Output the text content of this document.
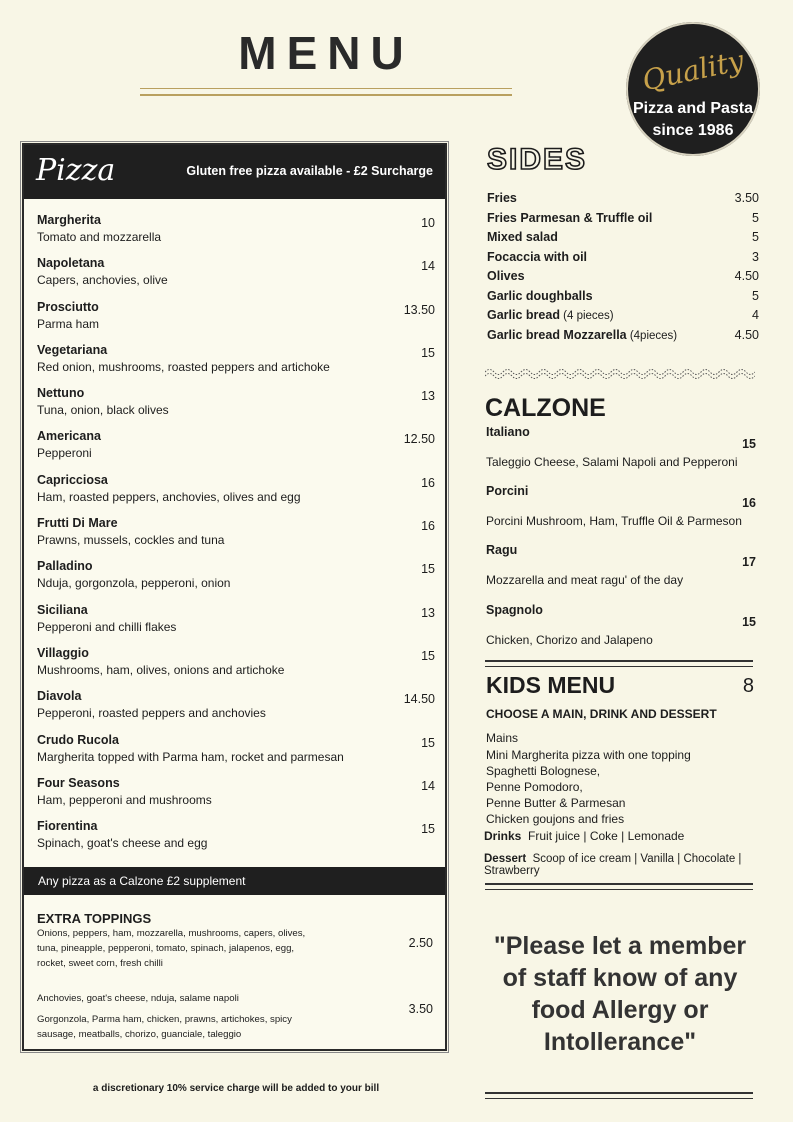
MENU	Quality
Pizza and Pasta
since 1986
Pizza	Gluten free pizza available - £2 Surcharge
Margherita
Tomato and mozzarella
10
Napoletana
Capers, anchovies, olive
14
Prosciutto
Parma ham
13.50
Vegetariana
Red onion, mushrooms, roasted peppers and artichoke
15
Nettuno
Tuna, onion, black olives
13
Americana
Pepperoni
12.50
Capricciosa
Ham, roasted peppers, anchovies, olives and egg
16
Frutti Di Mare
Prawns, mussels, cockles and tuna
16
Palladino
Nduja, gorgonzola, pepperoni, onion
15
Siciliana
Pepperoni and chilli flakes
13
Villaggio
Mushrooms, ham, olives, onions and artichoke
15
Diavola
Pepperoni, roasted peppers and anchovies
14.50
Crudo Rucola
Margherita topped with Parma ham, rocket and parmesan
15
Four Seasons
Ham, pepperoni and mushrooms
14
Fiorentina
Spinach, goat's cheese and egg
15
Any pizza as a Calzone £2 supplement
EXTRA TOPPINGS
Onions, peppers, ham, mozzarella, mushrooms, capers, olives, tuna, pineapple, pepperoni, tomato, spinach, jalapenos, egg, rocket, sweet corn, fresh chilli
2.50
Anchovies, goat's cheese, nduja, salame napoli
Gorgonzola, Parma ham, chicken, prawns, artichokes, spicy sausage, meatballs, chorizo, guanciale, taleggio
3.50
a discretionary 10% service charge will be added to your bill
SIDES
Fries	3.50
Fries Parmesan & Truffle oil	5
Mixed salad	5
Focaccia with oil	3
Olives	4.50
Garlic doughballs	5
Garlic bread (4 pieces)	4
Garlic bread Mozzarella (4pieces)	4.50
CALZONE
Italiano
15
Taleggio Cheese, Salami Napoli and Pepperoni
Porcini
16
Porcini Mushroom, Ham, Truffle Oil & Parmeson
Ragu
17
Mozzarella and meat ragu' of the day
Spagnolo
15
Chicken, Chorizo and Jalapeno
KIDS MENU	8
CHOOSE A MAIN, DRINK AND DESSERT
Mains
Mini Margherita pizza with one topping
Spaghetti Bolognese,
Penne Pomodoro,
Penne Butter & Parmesan
Chicken goujons and fries
Drinks Fruit juice | Coke | Lemonade
Dessert Scoop of ice cream | Vanilla | Chocolate | Strawberry
"Please let a member of staff know of any food Allergy or Intollerance"
